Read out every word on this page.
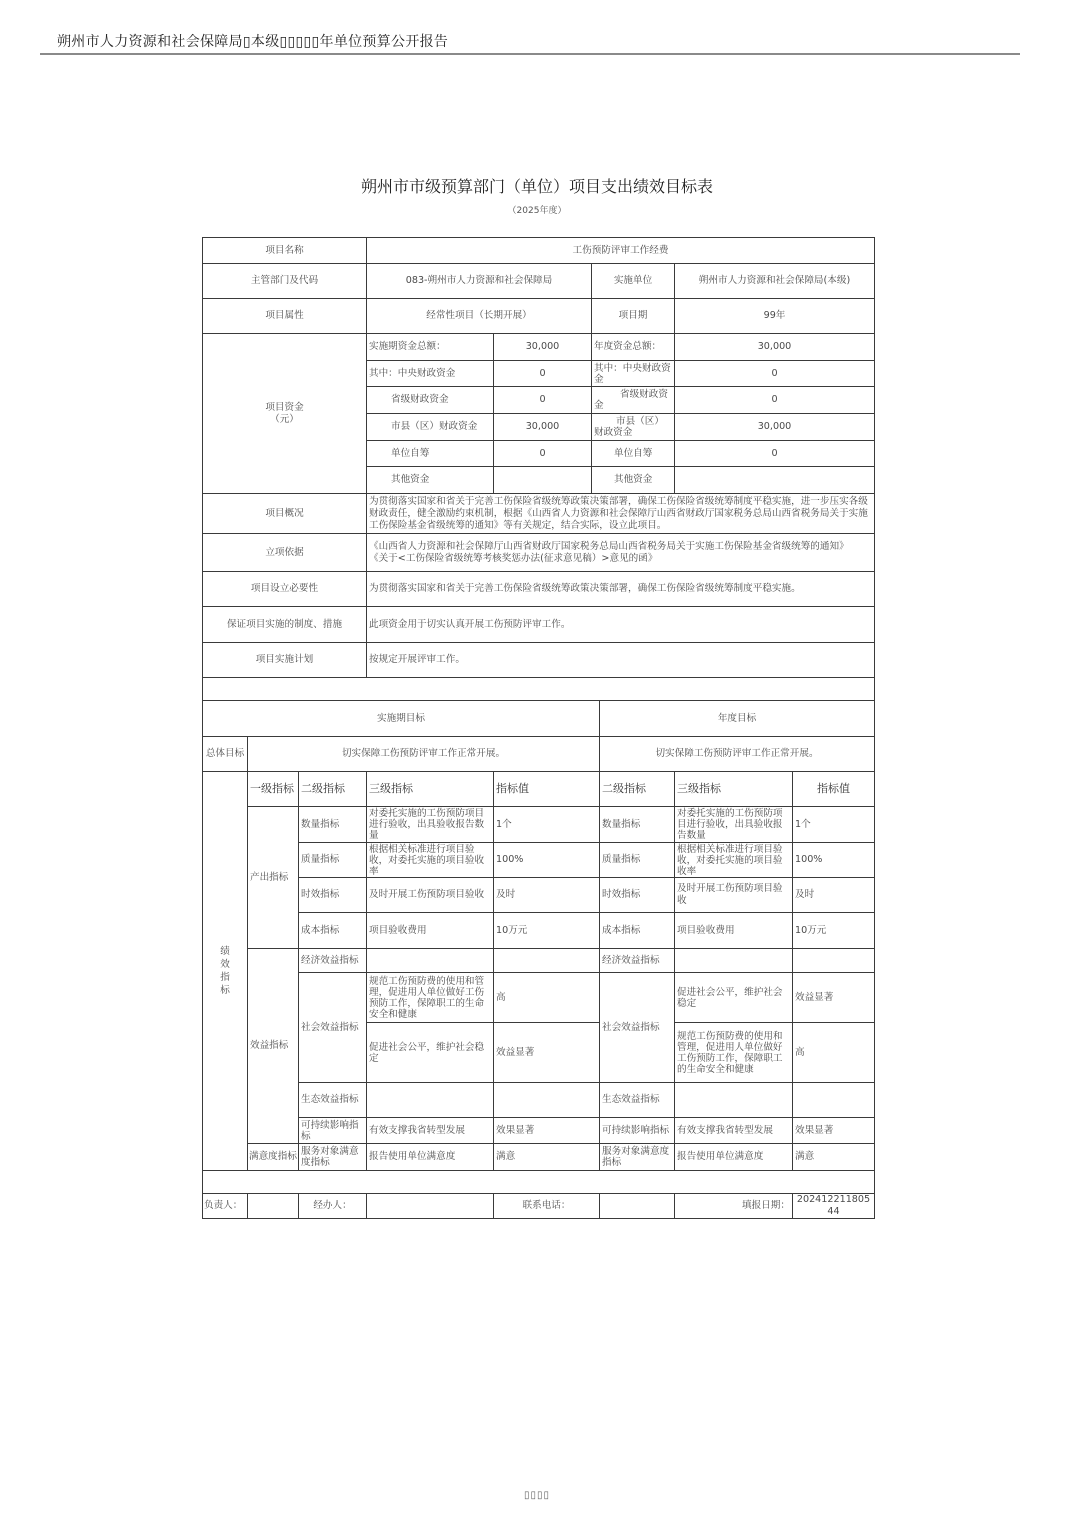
朔州市人力资源和社会保障局▯本级▯▯▯▯▯年单位预算公开报告
朔州市市级预算部门（单位）项目支出绩效目标表
（2025年度）
项目名称	工伤预防评审工作经费			
主管部门及代码	083-朔州市人力资源和社会保障局		实施单位	朔州市人力资源和社会保障局(本级)
项目属性	经常性项目（长期开展）		项目期	99年

项目资金
（元）	实施期资金总额：	30,000	年度资金总额：	30,000
	其中：中央财政资金	0	其中：中央财政资金	0
	省级财政资金	0	省级财政资金	0
	市县（区）财政资金	30,000	市县（区）财政资金	30,000
	单位自筹	0	单位自筹	0
	其他资金		其他资金	
项目概况	为贯彻落实国家和省关于完善工伤保险省级统筹政策决策部署，确保工伤保险省级统筹制度平稳实施，进一步压实各级财政责任，健全激励约束机制，根据《山西省人力资源和社会保障厅山西省财政厅国家税务总局山西省税务局关于实施工伤保险基金省级统筹的通知》等有关规定，结合实际，设立此项目。			
立项依据	《山西省人力资源和社会保障厅山西省财政厅国家税务总局山西省税务局关于实施工伤保险基金省级统筹的通知》
《关于<工伤保险省级统筹考核奖惩办法(征求意见稿）>意见的函》			

项目设立必要性	为贯彻落实国家和省关于完善工伤保险省级统筹政策决策部署，确保工伤保险省级统筹制度平稳实施。			
保证项目实施的制度、措施	此项资金用于切实认真开展工伤预防评审工作。			
项目实施计划	按规定开展评审工作。			

实施期目标					年度目标		
总体目标	切实保障工伤预防评审工作正常开展。				切实保障工伤预防评审工作正常开展。		
绩效指标	一级指标	二级指标	三级指标	指标值	二级指标	三级指标	指标值
	产出指标	数量指标	对委托实施的工伤预防项目进行验收，出具验收报告数量	1个	数量指标	对委托实施的工伤预防项目进行验收，出具验收报告数量	1个
		质量指标	根据相关标准进行项目验收，对委托实施的项目验收率	100%	质量指标	根据相关标准进行项目验收，对委托实施的项目验收率	100%
		时效指标	及时开展工伤预防项目验收	及时	时效指标	及时开展工伤预防项目验收	及时
		成本指标	项目验收费用	10万元	成本指标	项目验收费用	10万元
	效益指标	经济效益指标			经济效益指标		
		社会效益指标	规范工伤预防费的使用和管理，促进用人单位做好工伤预防工作，保障职工的生命安全和健康	高	社会效益指标	促进社会公平，维护社会稳定	效益显著
			促进社会公平，维护社会稳定	效益显著		规范工伤预防费的使用和管理，促进用人单位做好工伤预防工作，保障职工的生命安全和健康	高
		生态效益指标			生态效益指标		
		可持续影响指标	有效支撑我省转型发展	效果显著	可持续影响指标	有效支撑我省转型发展	效果显著
	满意度指标	服务对象满意度指标	报告使用单位满意度	满意	服务对象满意度指标	报告使用单位满意度	满意

负责人：		经办人：		联系电话：		填报日期：	20241221180544
▯▯▯▯
